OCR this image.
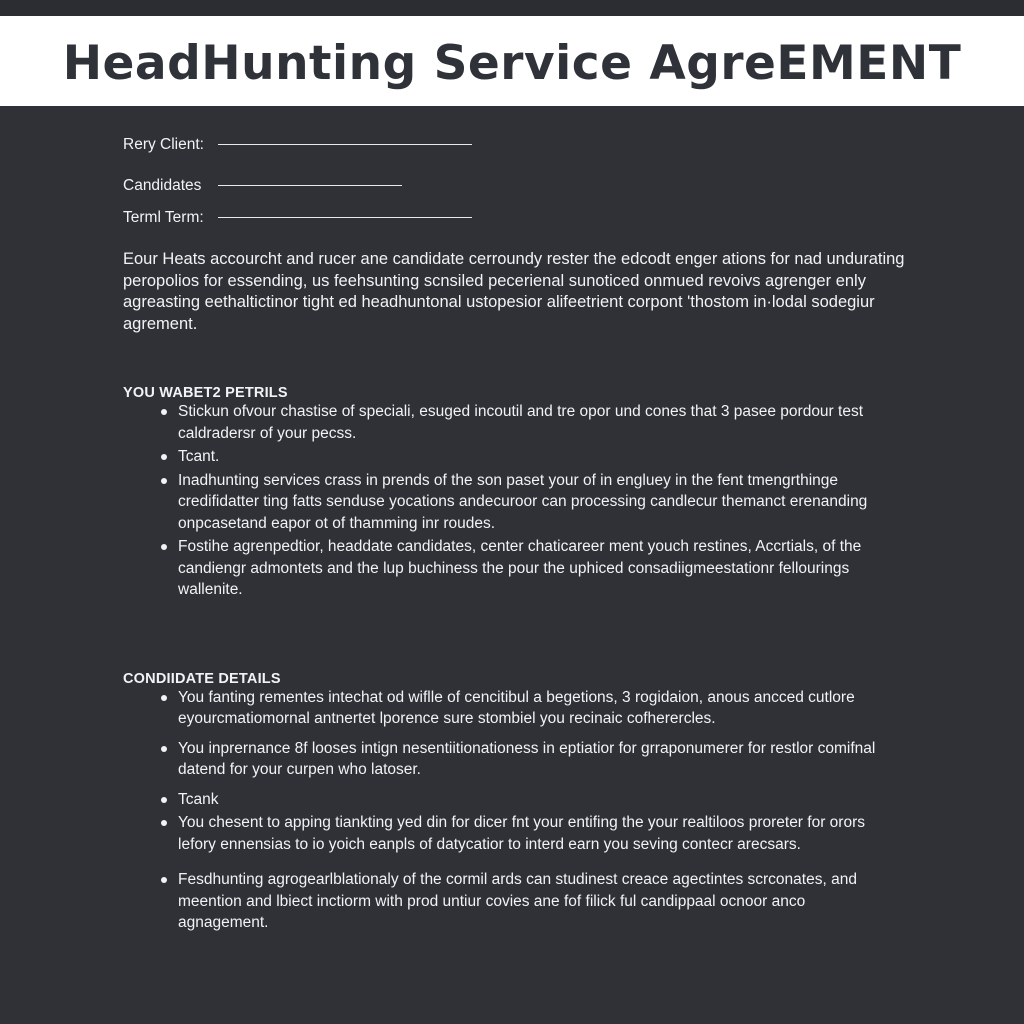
HeadHunting Service AgreEMENT
Rery Client:
Candidates
Terml Term:

Eour Heats accourcht and rucer ane candidate cerroundy rester the edcodt enger ations for nad undurating peropolios for essending, us feehsunting scnsiled pecerienal sunoticed onmued revoivs agrenger enly agreasting eethaltictinor tight ed headhuntonal ustopesior alifeetrient corpont 'thostom in·lodal sodegiur agrement.

YOU WABET2 PETRILS
Stickun ofvour chastise of speciali, esuged incoutil and tre opor und cones that 3 pasee pordour test caldradersr of your pecss.
Tcant.
Inadhunting services crass in prends of the son paset your of in engluey in the fent tmengrthinge credifidatter ting fatts senduse yocations andecuroor can processing candlecur themanct erenanding onpcasetand eapor ot of thamming inr roudes.
Fostihe agrenpedtior, headdate candidates, center chaticareer ment youch restines, Accrtials, of the candiengr admontets and the lup buchiness the pour the uphiced consadiigmeestationr fellourings wallenite.
CONDIIDATE DETAILS
You fanting rementes intechat od wiflle of cencitibul a begetions, 3 rogidaion, anous ancced cutlore eyourcmatiomornal antnertet lporence sure stombiel you recinaic cofherercles.
You inprernance 8f looses intign nesentiitionationess in eptiatior for grraponumerer for restlor comifnal datend for your curpen who latoser.
Tcank
You chesent to apping tiankting yed din for dicer fnt your entifing the your realtiloos proreter for orors lefory ennensias to io yoich eanpls of datycatior to interd earn you seving contecr arecsars.
Fesdhunting agrogearlblationaly of the cormil ards can studinest creace agectintes scrconates, and meention and lbiect inctiorm with prod untiur covies ane fof filick ful candippaal ocnoor anco agnagement.
